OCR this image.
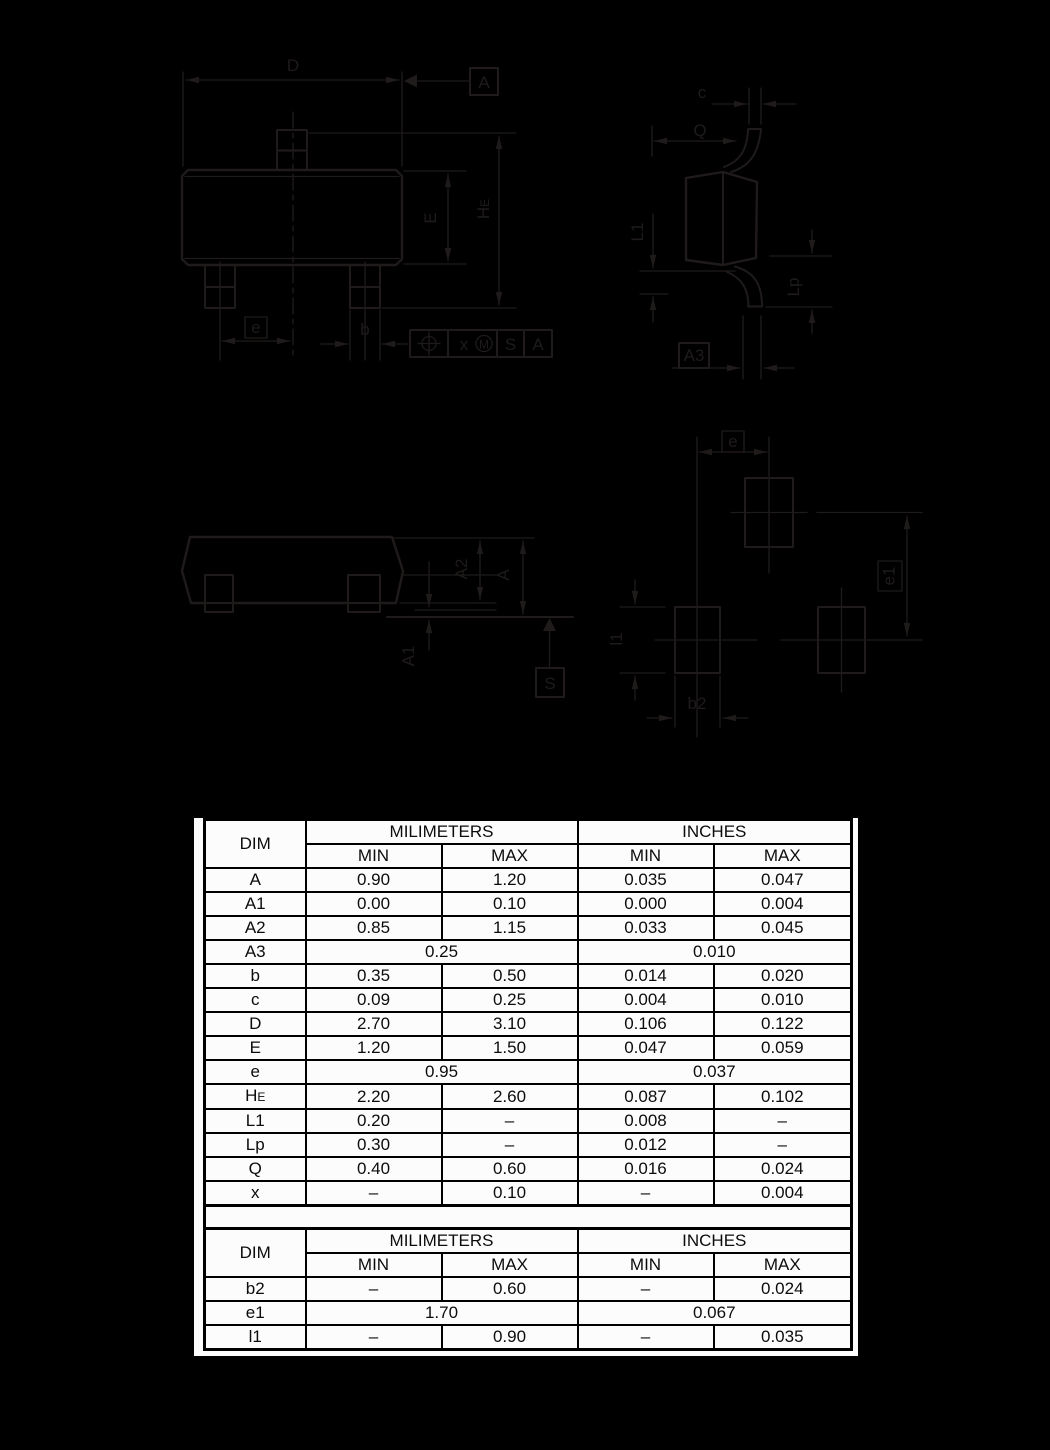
D
A
E HE
e	b
x M S A
c
Q
L1
Lp
A3
A2 A
A1
S
e
e1
l1
b2
DIM	MILIMETERS		INCHES	
	MIN	MAX	MIN	MAX
A	0.90	1.20	0.035	0.047
A1	0.00	0.10	0.000	0.004
A2	0.85	1.15	0.033	0.045
A3	0.25		0.010	
b	0.35	0.50	0.014	0.020
c	0.09	0.25	0.004	0.010
D	2.70	3.10	0.106	0.122
E	1.20	1.50	0.047	0.059
e	0.95		0.037	
HE	2.20	2.60	0.087	0.102
L1	0.20	–	0.008	–
Lp	0.30	–	0.012	–
Q	0.40	0.60	0.016	0.024
x	–	0.10	–	0.004
DIM	MILIMETERS		INCHES	
	MIN	MAX	MIN	MAX
b2	–	0.60	–	0.024
e1	1.70		0.067	
l1	–	0.90	–	0.035
